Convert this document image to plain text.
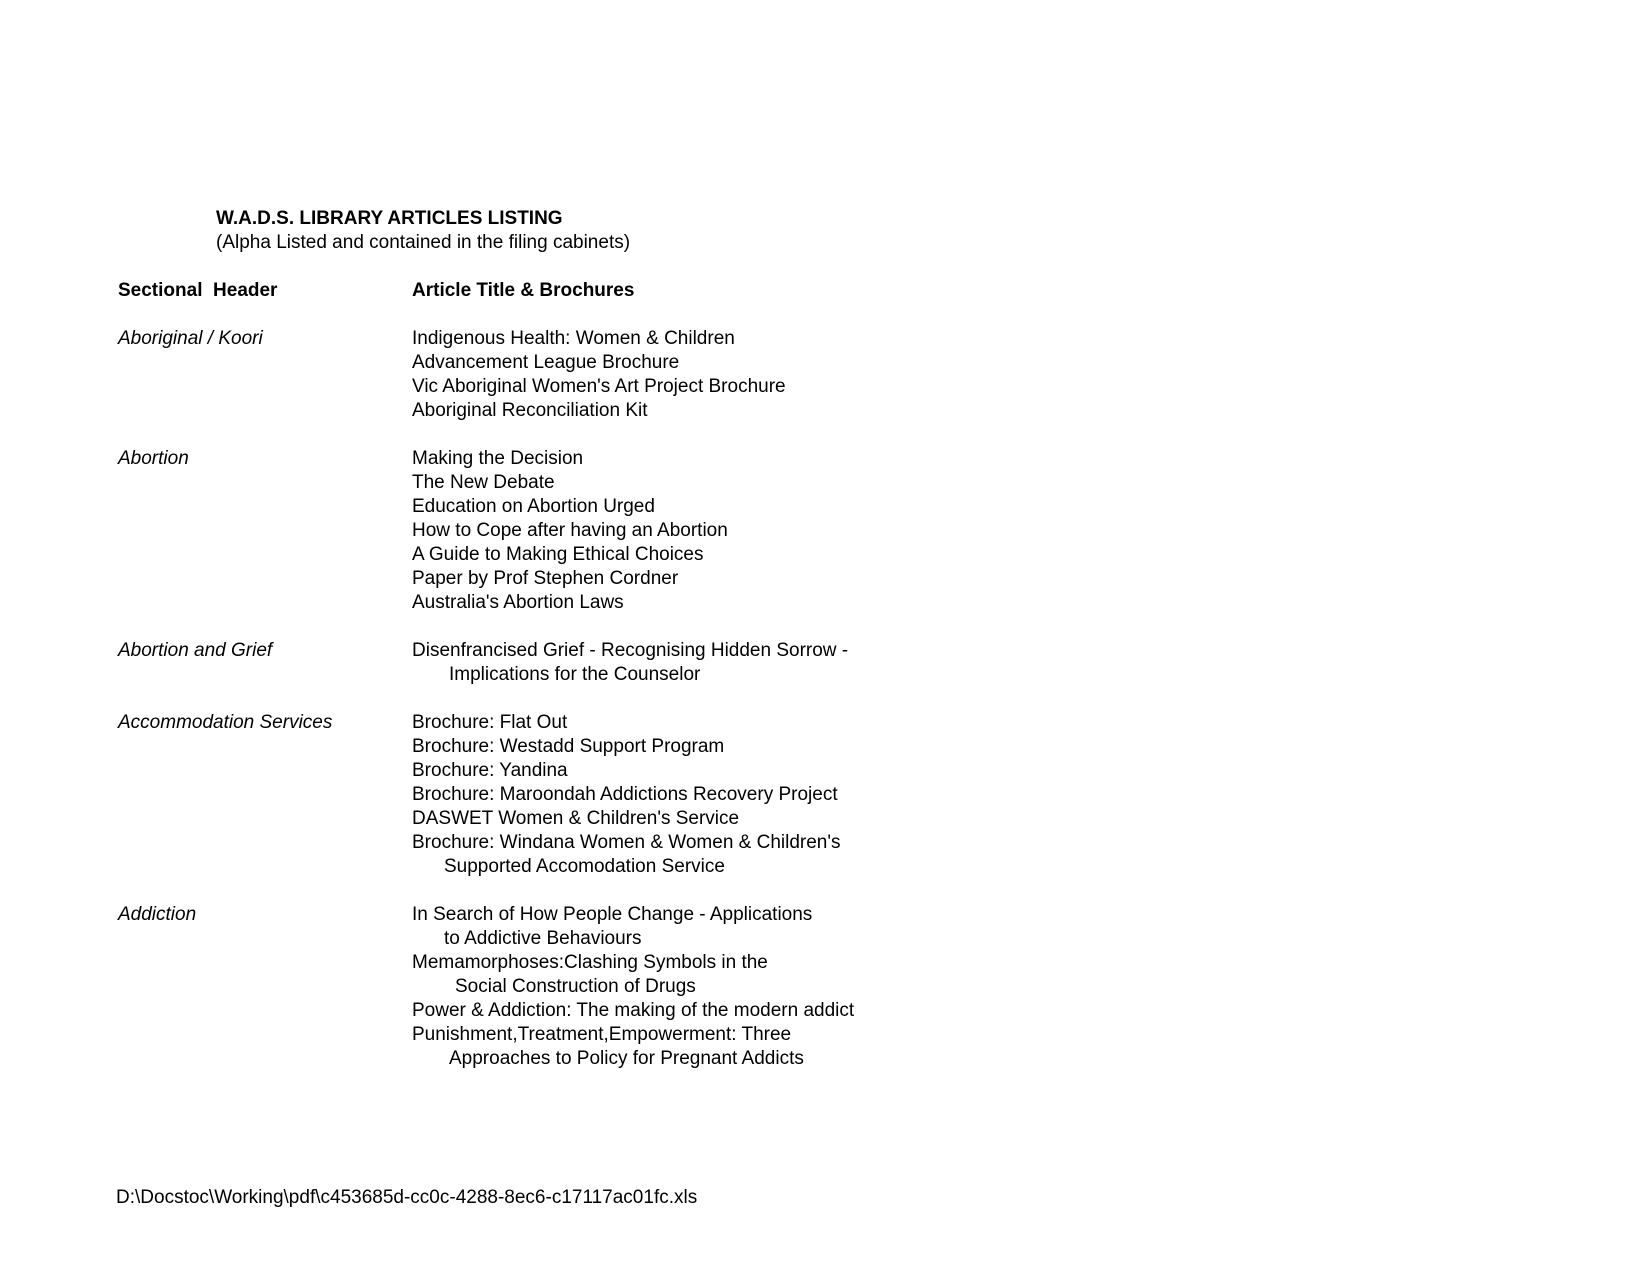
W.A.D.S. LIBRARY ARTICLES LISTING
(Alpha Listed and contained in the filing cabinets)
Sectional  Header	Article Title & Brochures
Aboriginal / Koori	Indigenous Health: Women & Children
Advancement League Brochure
Vic Aboriginal Women's Art Project Brochure
Aboriginal Reconciliation Kit
Abortion	Making the Decision
The New Debate
Education on Abortion Urged
How to Cope after having an Abortion
A Guide to Making Ethical Choices
Paper by Prof Stephen Cordner
Australia's Abortion Laws
Abortion and Grief	Disenfrancised Grief - Recognising Hidden Sorrow -
Implications for the Counselor
Accommodation Services	Brochure: Flat Out
Brochure: Westadd Support Program
Brochure: Yandina
Brochure: Maroondah Addictions Recovery Project
DASWET Women & Children's Service
Brochure: Windana Women & Women & Children's
Supported Accomodation Service
Addiction	In Search of How People Change - Applications
to Addictive Behaviours
Memamorphoses:Clashing Symbols in the
Social Construction of Drugs
Power & Addiction: The making of the modern addict
Punishment,Treatment,Empowerment: Three
Approaches to Policy for Pregnant Addicts
D:\Docstoc\Working\pdf\c453685d-cc0c-4288-8ec6-c17117ac01fc.xls
